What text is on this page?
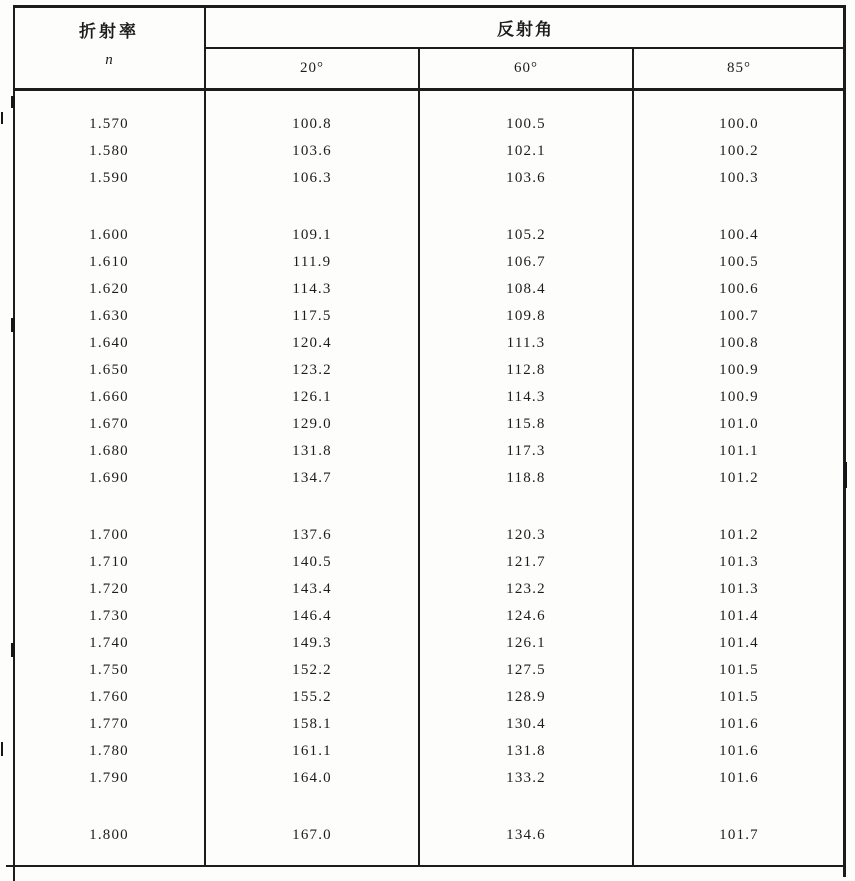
折射率
n
反射角
20°	60°	85°
1.570	100.8	100.5	100.0
1.580	103.6	102.1	100.2
1.590	106.3	103.6	100.3
1.600	109.1	105.2	100.4
1.610	111.9	106.7	100.5
1.620	114.3	108.4	100.6
1.630	117.5	109.8	100.7
1.640	120.4	111.3	100.8
1.650	123.2	112.8	100.9
1.660	126.1	114.3	100.9
1.670	129.0	115.8	101.0
1.680	131.8	117.3	101.1
1.690	134.7	118.8	101.2
1.700	137.6	120.3	101.2
1.710	140.5	121.7	101.3
1.720	143.4	123.2	101.3
1.730	146.4	124.6	101.4
1.740	149.3	126.1	101.4
1.750	152.2	127.5	101.5
1.760	155.2	128.9	101.5
1.770	158.1	130.4	101.6
1.780	161.1	131.8	101.6
1.790	164.0	133.2	101.6
1.800	167.0	134.6	101.7
